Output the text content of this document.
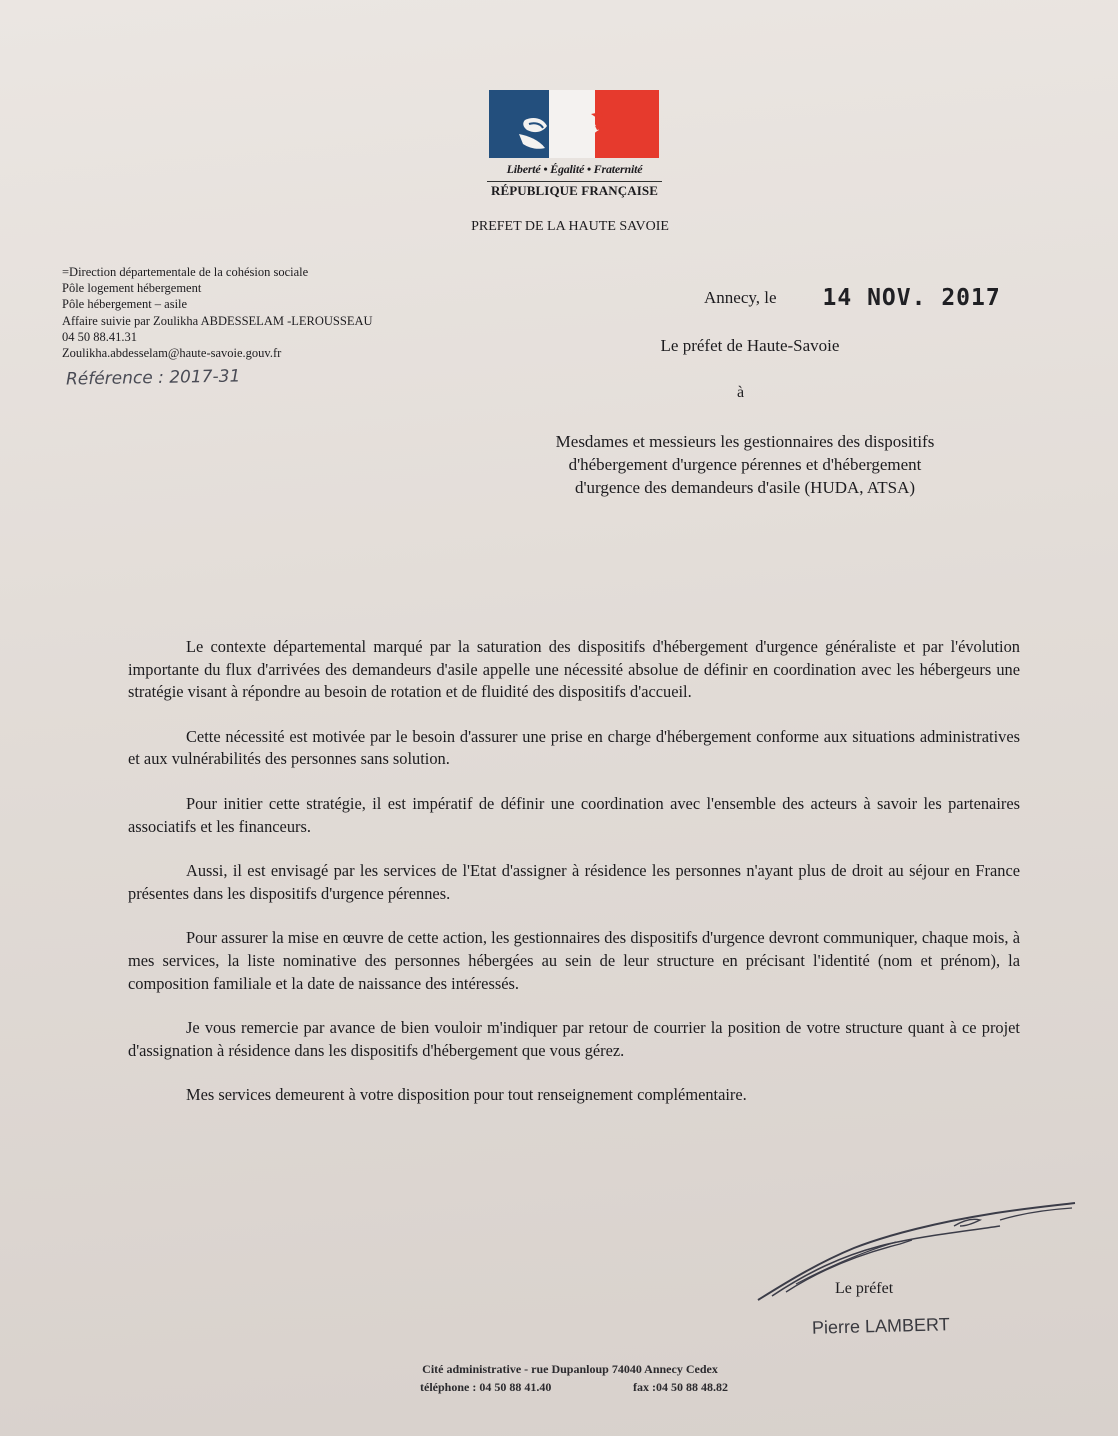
Liberté • Égalité • Fraternité
RÉPUBLIQUE FRANÇAISE
PREFET DE LA HAUTE SAVOIE
=Direction départementale de la cohésion sociale
Pôle logement hébergement
Pôle hébergement – asile
Affaire suivie par Zoulikha ABDESSELAM -LEROUSSEAU
04 50 88.41.31
Zoulikha.abdesselam@haute-savoie.gouv.fr
Référence : 2017-31
Annecy, le 14 NOV. 2017
Le préfet de Haute-Savoie
à
Mesdames et messieurs les gestionnaires des dispositifs
d'hébergement d'urgence pérennes et d'hébergement
d'urgence des demandeurs d'asile (HUDA, ATSA)

Le contexte départemental marqué par la saturation des dispositifs d'hébergement d'urgence généraliste et par l'évolution importante du flux d'arrivées des demandeurs d'asile appelle une nécessité absolue de définir en coordination avec les hébergeurs une stratégie visant à répondre au besoin de rotation et de fluidité des dispositifs d'accueil.

Cette nécessité est motivée par le besoin d'assurer une prise en charge d'hébergement conforme aux situations administratives et aux vulnérabilités des personnes sans solution.

Pour initier cette stratégie, il est impératif de définir une coordination avec l'ensemble des acteurs à savoir les partenaires associatifs et les financeurs.

Aussi, il est envisagé par les services de l'Etat d'assigner à résidence les personnes n'ayant plus de droit au séjour en France présentes dans les dispositifs d'urgence pérennes.

Pour assurer la mise en œuvre de cette action, les gestionnaires des dispositifs d'urgence devront communiquer, chaque mois, à mes services, la liste nominative des personnes hébergées au sein de leur structure en précisant l'identité (nom et prénom), la composition familiale et la date de naissance des intéressés.

Je vous remercie par avance de bien vouloir m'indiquer par retour de courrier la position de votre structure quant à ce projet d'assignation à résidence dans les dispositifs d'hébergement que vous gérez.

Mes services demeurent à votre disposition pour tout renseignement complémentaire.

Le préfet
Pierre LAMBERT
Cité administrative - rue Dupanloup 74040 Annecy Cedex
téléphone : 04 50 88 41.40	fax :04 50 88 48.82
